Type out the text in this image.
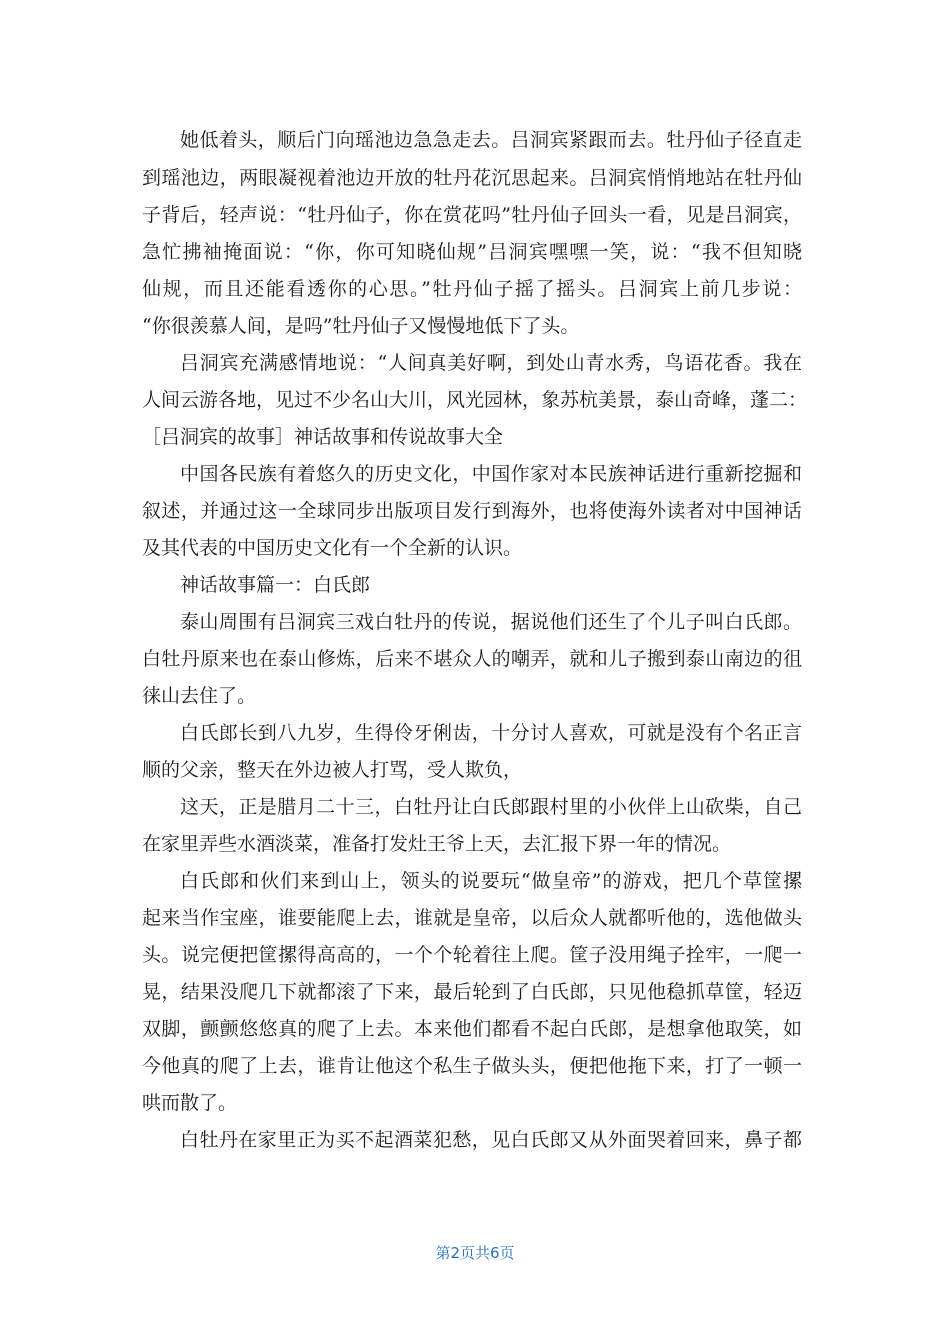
她低着头，顺后门向瑶池边急急走去。吕洞宾紧跟而去。牡丹仙子径直走
到瑶池边，两眼凝视着池边开放的牡丹花沉思起来。吕洞宾悄悄地站在牡丹仙
子背后，轻声说：“牡丹仙子，你在赏花吗”牡丹仙子回头一看，见是吕洞宾，
急忙拂袖掩面说：“你，你可知晓仙规”吕洞宾嘿嘿一笑，说：“我不但知晓
仙规，而且还能看透你的心思。”牡丹仙子摇了摇头。吕洞宾上前几步说：
“你很羡慕人间，是吗”牡丹仙子又慢慢地低下了头。
吕洞宾充满感情地说：“人间真美好啊，到处山青水秀，鸟语花香。我在
人间云游各地，见过不少名山大川，风光园林，象苏杭美景，泰山奇峰，蓬二：
［吕洞宾的故事］神话故事和传说故事大全
中国各民族有着悠久的历史文化，中国作家对本民族神话进行重新挖掘和
叙述，并通过这一全球同步出版项目发行到海外，也将使海外读者对中国神话
及其代表的中国历史文化有一个全新的认识。
神话故事篇一：白氏郎
泰山周围有吕洞宾三戏白牡丹的传说，据说他们还生了个儿子叫白氏郎。
白牡丹原来也在泰山修炼，后来不堪众人的嘲弄，就和儿子搬到泰山南边的徂
徕山去住了。
白氏郎长到八九岁，生得伶牙俐齿，十分讨人喜欢，可就是没有个名正言
顺的父亲，整天在外边被人打骂，受人欺负，
这天，正是腊月二十三，白牡丹让白氏郎跟村里的小伙伴上山砍柴，自己
在家里弄些水酒淡菜，准备打发灶王爷上天，去汇报下界一年的情况。
白氏郎和伙们来到山上，领头的说要玩“做皇帝”的游戏，把几个草筐摞
起来当作宝座，谁要能爬上去，谁就是皇帝，以后众人就都听他的，选他做头
头。说完便把筐摞得高高的，一个个轮着往上爬。筐子没用绳子拴牢，一爬一
晃，结果没爬几下就都滚了下来，最后轮到了白氏郎，只见他稳抓草筐，轻迈
双脚，颤颤悠悠真的爬了上去。本来他们都看不起白氏郎，是想拿他取笑，如
今他真的爬了上去，谁肯让他这个私生子做头头，便把他拖下来，打了一顿一
哄而散了。
白牡丹在家里正为买不起酒菜犯愁，见白氏郎又从外面哭着回来，鼻子都
第2页共6页
